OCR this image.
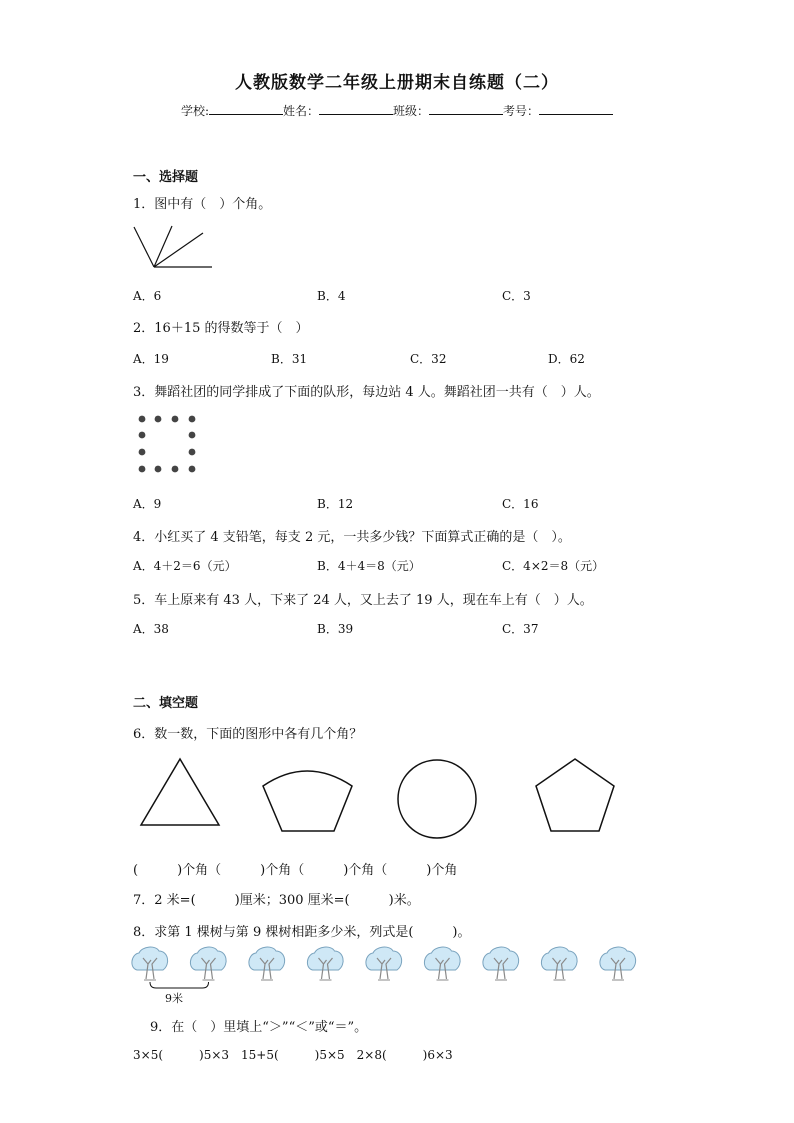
人教版数学二年级上册期末自练题（二）
学校:	姓名：	班级：	考号：
一、选择题
1．图中有（　）个角。
A．6	B．4	C．3
2．16＋15 的得数等于（　）
A．19	B．31	C．32	D．62
3．舞蹈社团的同学排成了下面的队形，每边站 4 人。舞蹈社团一共有（　）人。
A．9	B．12	C．16
4．小红买了 4 支铅笔，每支 2 元，一共多少钱？下面算式正确的是（　）。
A．4＋2＝6（元）	B．4＋4＝8（元）	C．4×2＝8（元）
5．车上原来有 43 人，下来了 24 人，又上去了 19 人，现在车上有（　）人。
A．38	B．39	C．37
二、填空题
6．数一数，下面的图形中各有几个角？
(　　　)个角（　　　)个角（　　　)个角（　　　)个角
7．2 米=(　　　)厘米；300 厘米=(　　　)米。
8．求第 1 棵树与第 9 棵树相距多少米，列式是(　　　)。
9米
9．在（　）里填上“＞”“＜”或“＝”。
3×5(　　　)5×3　15+5(　　　)5×5　2×8(　　　)6×3
